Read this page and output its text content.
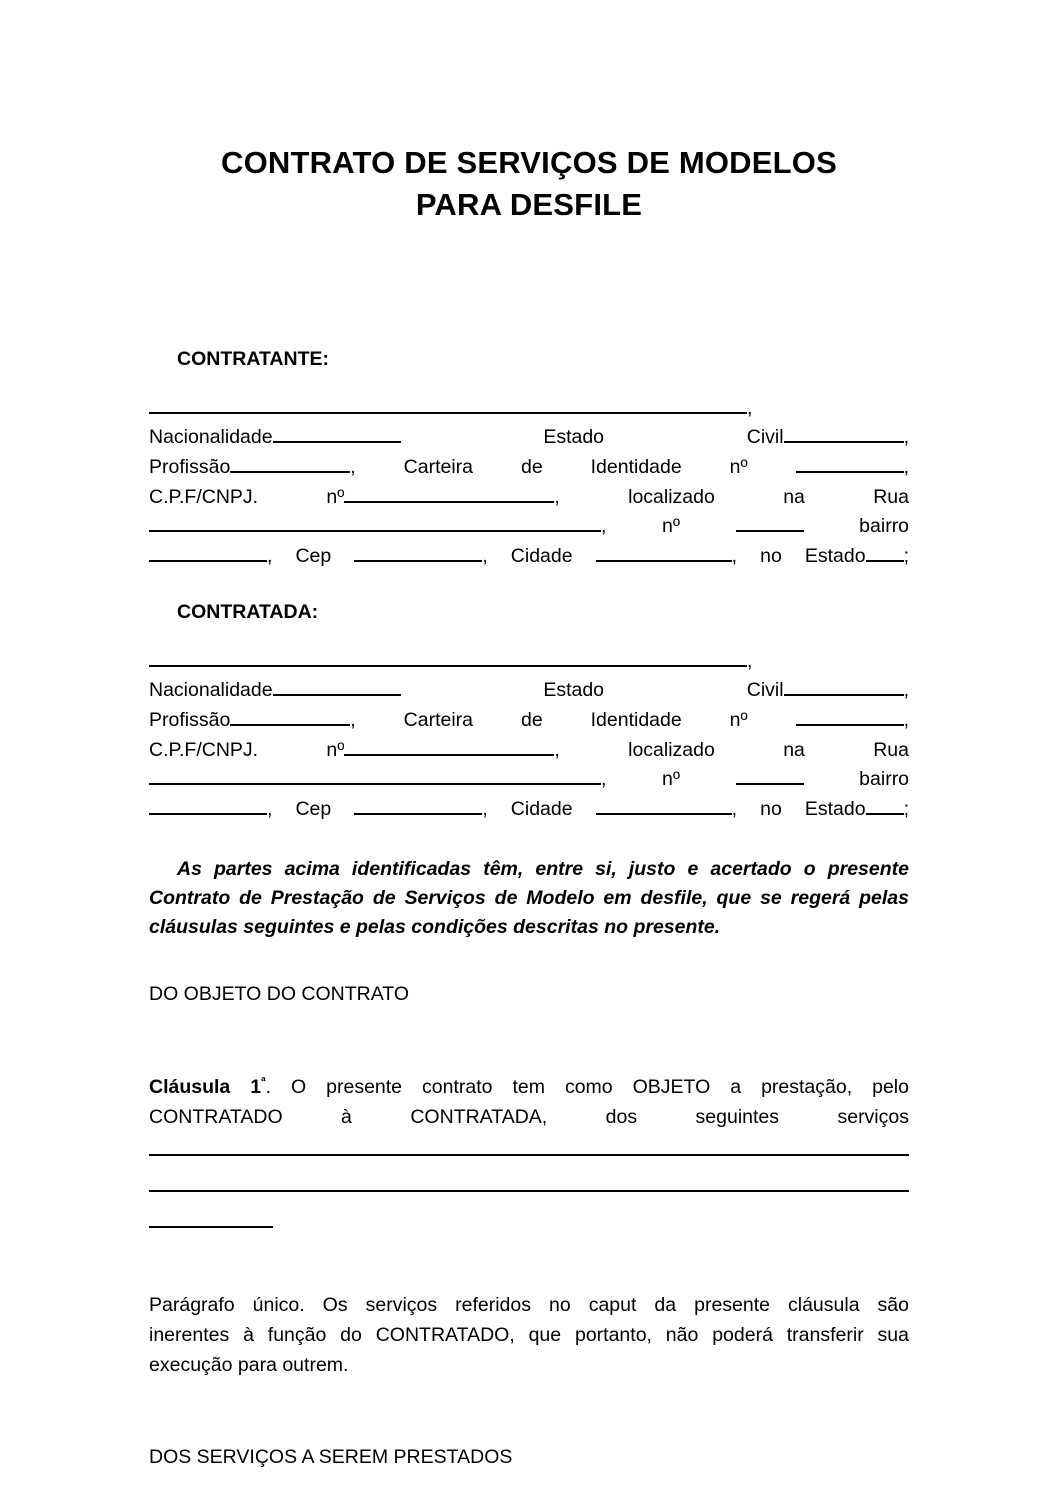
CONTRATO DE SERVIÇOS DE MODELOS
PARA DESFILE
CONTRATANTE:
,
Nacionalidade	Estado	Civil	,
Profissão	, Carteira de Identidade nº	,
C.P.F/CNPJ.	nº	,	localizado	na	Rua
,	nº	bairro
, Cep	, Cidade	, no Estado ;
CONTRATADA:
,
Nacionalidade	Estado	Civil	,
Profissão	, Carteira de Identidade nº	,
C.P.F/CNPJ.	nº	,	localizado	na	Rua
,	nº	bairro
, Cep	, Cidade	, no Estado ;

As partes acima identificadas têm, entre si, justo e acertado o presente Contrato de Prestação de Serviços de Modelo em desfile, que se regerá pelas cláusulas seguintes e pelas condições descritas no presente.

DO OBJETO DO CONTRATO

Cláusula $1^ª$. O presente contrato tem como OBJETO a prestação, pelo
CONTRATADO à CONTRATADA, dos seguintes serviços
Parágrafo único. Os serviços referidos no caput da presente cláusula são
inerentes à função do CONTRATADO, que portanto, não poderá transferir sua
execução para outrem.

DOS SERVIÇOS A SEREM PRESTADOS
